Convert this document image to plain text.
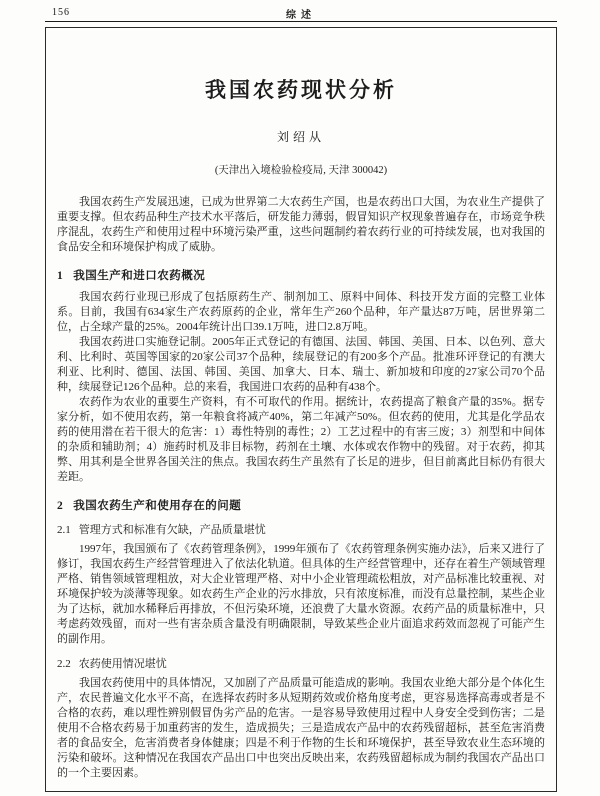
156	综述
我国农药现状分析
刘绍从
(天津出入境检验检疫局, 天津 300042)

我国农药生产发展迅速，已成为世界第二大农药生产国，也是农药出口大国，为农业生产提供了重要支撑。但农药品种生产技术水平落后，研发能力薄弱，假冒知识产权现象普遍存在，市场竞争秩序混乱，农药生产和使用过程中环境污染严重，这些问题制约着农药行业的可持续发展，也对我国的食品安全和环境保护构成了威胁。

1 我国生产和进口农药概况

我国农药行业现已形成了包括原药生产、制剂加工、原料中间体、科技开发方面的完整工业体系。目前，我国有634家生产农药原药的企业，常年生产260个品种，年产量达87万吨，居世界第二位，占全球产量的25%。2004年统计出口39.1万吨，进口2.8万吨。

我国农药进口实施登记制。2005年正式登记的有德国、法国、韩国、美国、日本、以色列、意大利、比利时、英国等国家的20家公司37个品种，续展登记的有200多个产品。批准环评登记的有澳大利亚、比利时、德国、法国、韩国、美国、加拿大、日本、瑞士、新加坡和印度的27家公司70个品种，续展登记126个品种。总的来看，我国进口农药的品种有438个。

农药作为农业的重要生产资料，有不可取代的作用。据统计，农药提高了粮食产量的35%。据专家分析，如不使用农药，第一年粮食将减产40%，第二年减产50%。但农药的使用，尤其是化学品农药的使用潜在若干很大的危害：1）毒性特别的毒性；2）工艺过程中的有害三废；3）剂型和中间体的杂质和辅助剂；4）施药时机及非目标物，药剂在土壤、水体或农作物中的残留。对于农药，抑其弊、用其利是全世界各国关注的焦点。我国农药生产虽然有了长足的进步，但目前离此目标仍有很大差距。

2 我国农药生产和使用存在的问题
2.1 管理方式和标准有欠缺，产品质量堪忧

1997年，我国颁布了《农药管理条例》，1999年颁布了《农药管理条例实施办法》，后来又进行了修订，我国农药生产经营管理进入了依法化轨道。但具体的生产经营管理中，还存在着生产领域管理严格、销售领域管理粗放，对大企业管理严格、对中小企业管理疏松粗放，对产品标准比较重视、对环境保护较为淡薄等现象。如农药生产企业的污水排放，只有浓度标准，而没有总量控制，某些企业为了达标，就加水稀释后再排放，不但污染环境，还浪费了大量水资源。农药产品的质量标准中，只考虑药效残留，而对一些有害杂质含量没有明确限制，导致某些企业片面追求药效而忽视了可能产生的副作用。

2.2 农药使用情况堪忧

我国农药使用中的具体情况，又加剧了产品质量可能造成的影响。我国农业绝大部分是个体化生产，农民普遍文化水平不高，在选择农药时多从短期药效或价格角度考虑，更容易选择高毒或者是不合格的农药，难以理性辨别假冒伪劣产品的危害。一是容易导致使用过程中人身安全受到伤害；二是使用不合格农药易于加重药害的发生，造成损失；三是造成农产品中的农药残留超标，甚至危害消费者的食品安全，危害消费者身体健康；四是不利于作物的生长和环境保护，甚至导致农业生态环境的污染和破坏。这种情况在我国农产品出口中也突出反映出来，农药残留超标成为制约我国农产品出口的一个主要因素。
